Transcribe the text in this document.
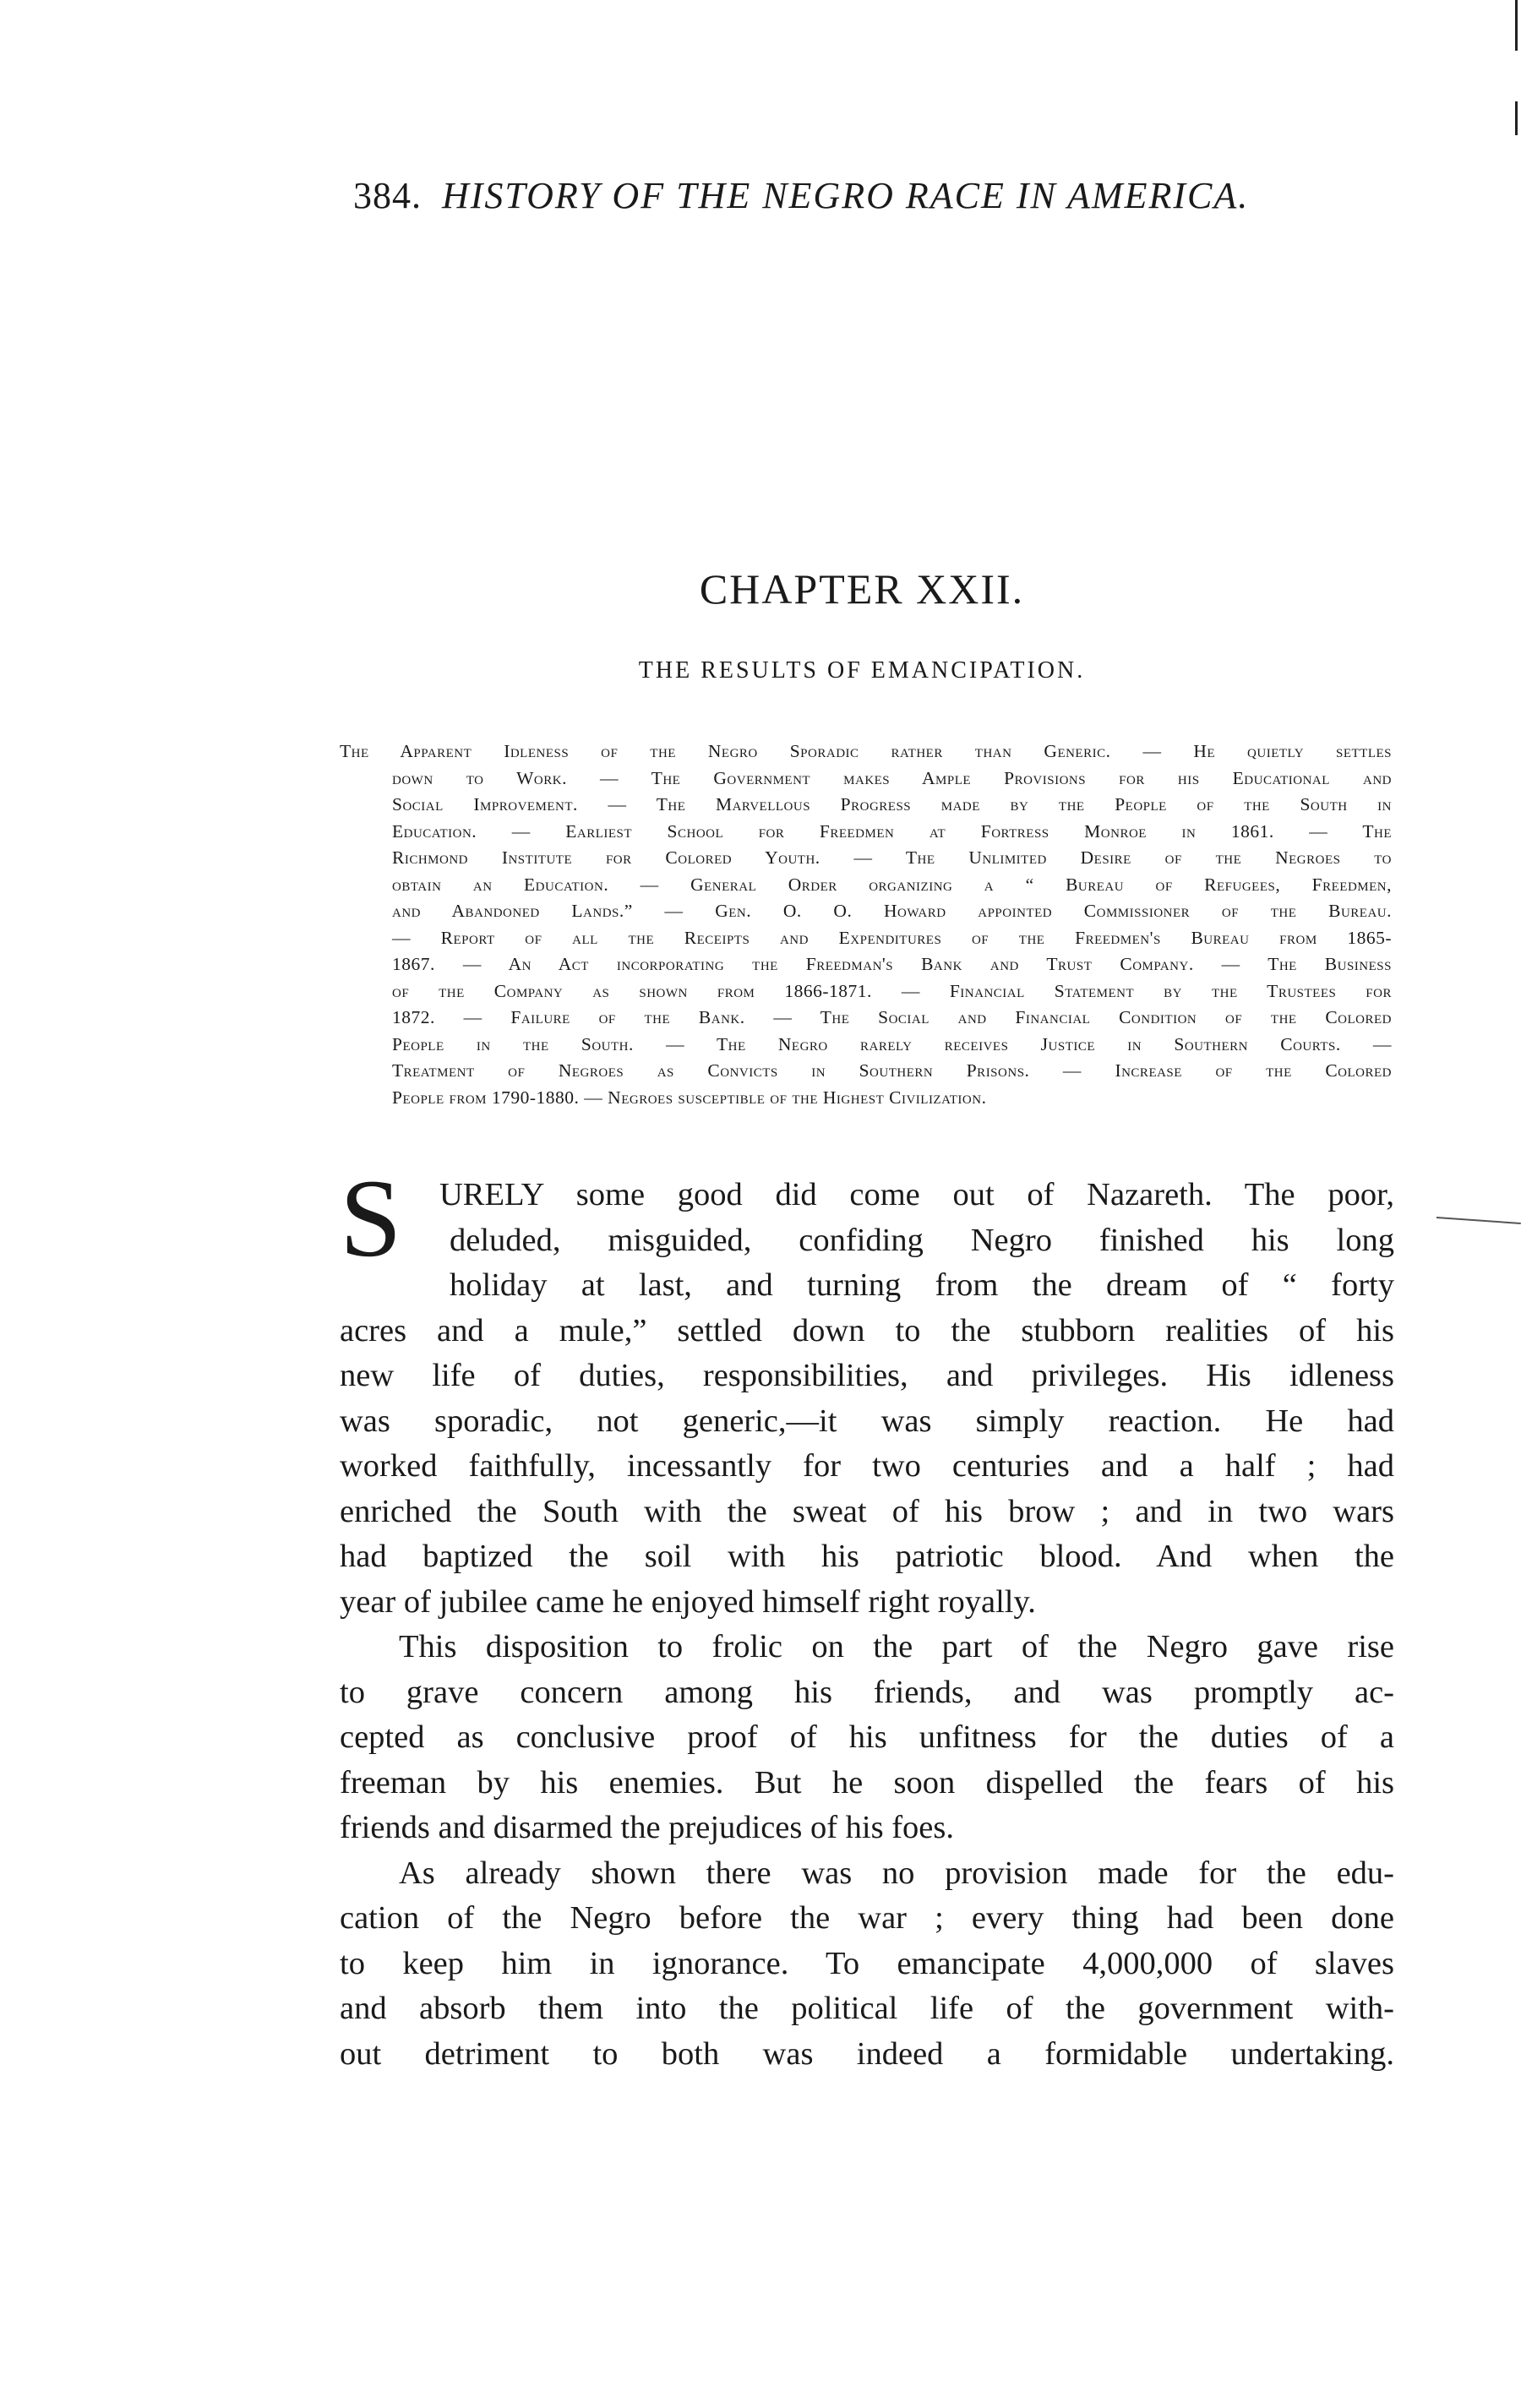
384. HISTORY OF THE NEGRO RACE IN AMERICA.
CHAPTER XXII.
THE RESULTS OF EMANCIPATION.
The Apparent Idleness of the Negro Sporadic rather than Generic. — He quietly settles
down to Work. — The Government makes Ample Provisions for his Educational and
Social Improvement. — The Marvellous Progress made by the People of the South in
Education. — Earliest School for Freedmen at Fortress Monroe in 1861. — The
Richmond Institute for Colored Youth. — The Unlimited Desire of the Negroes to
obtain an Education. — General Order organizing a “ Bureau of Refugees, Freedmen,
and Abandoned Lands.” — Gen. O. O. Howard appointed Commissioner of the Bureau.
— Report of all the Receipts and Expenditures of the Freedmen's Bureau from 1865-
1867. — An Act incorporating the Freedman's Bank and Trust Company. — The Business
of the Company as shown from 1866-1871. — Financial Statement by the Trustees for
1872. — Failure of the Bank. — The Social and Financial Condition of the Colored
People in the South. — The Negro rarely receives Justice in Southern Courts. —
Treatment of Negroes as Convicts in Southern Prisons. — Increase of the Colored
People from 1790-1880. — Negroes susceptible of the Highest Civilization.
S URELY some good did come out of Nazareth. The poor,
deluded, misguided, confiding Negro finished his long
holiday at last, and turning from the dream of “ forty
acres and a mule,” settled down to the stubborn realities of his
new life of duties, responsibilities, and privileges. His idleness
was sporadic, not generic,—it was simply reaction. He had
worked faithfully, incessantly for two centuries and a half ; had
enriched the South with the sweat of his brow ; and in two wars
had baptized the soil with his patriotic blood. And when the
year of jubilee came he enjoyed himself right royally.
This disposition to frolic on the part of the Negro gave rise
to grave concern among his friends, and was promptly ac-
cepted as conclusive proof of his unfitness for the duties of a
freeman by his enemies. But he soon dispelled the fears of his
friends and disarmed the prejudices of his foes.
As already shown there was no provision made for the edu-
cation of the Negro before the war ; every thing had been done
to keep him in ignorance. To emancipate 4,000,000 of slaves
and absorb them into the political life of the government with-
out detriment to both was indeed a formidable undertaking.
